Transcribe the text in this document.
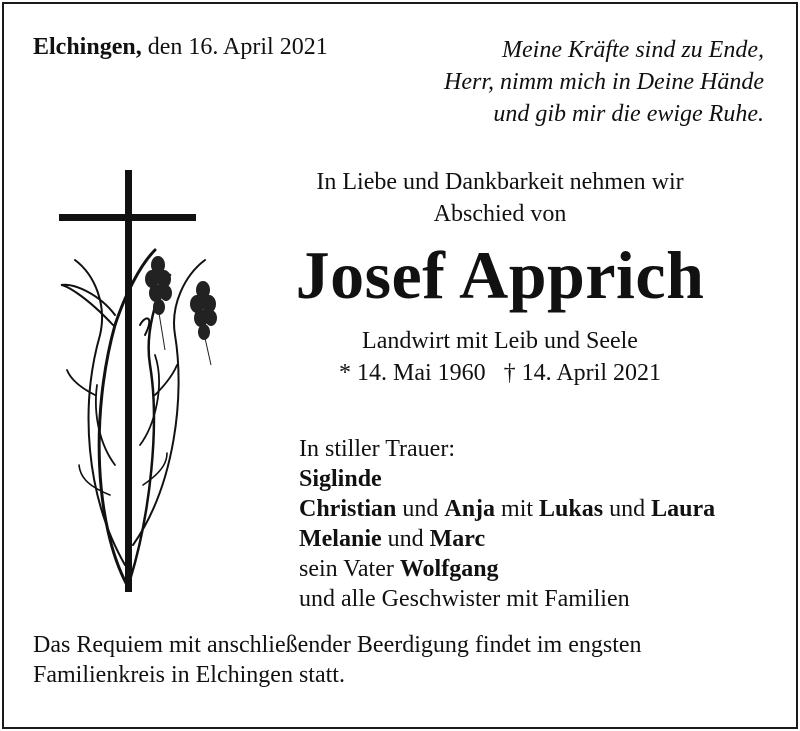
Elchingen, den 16. April 2021	Meine Kräfte sind zu Ende,
Herr, nimm mich in Deine Hände
und gib mir die ewige Ruhe.
In Liebe und Dankbarkeit nehmen wir
Abschied von
Josef Apprich
Landwirt mit Leib und Seele
* 14. Mai 1960 † 14. April 2021
In stiller Trauer:
Siglinde
Christian und Anja mit Lukas und Laura
Melanie und Marc
sein Vater Wolfgang
und alle Geschwister mit Familien
Das Requiem mit anschließender Beerdigung findet im engsten
Familienkreis in Elchingen statt.
